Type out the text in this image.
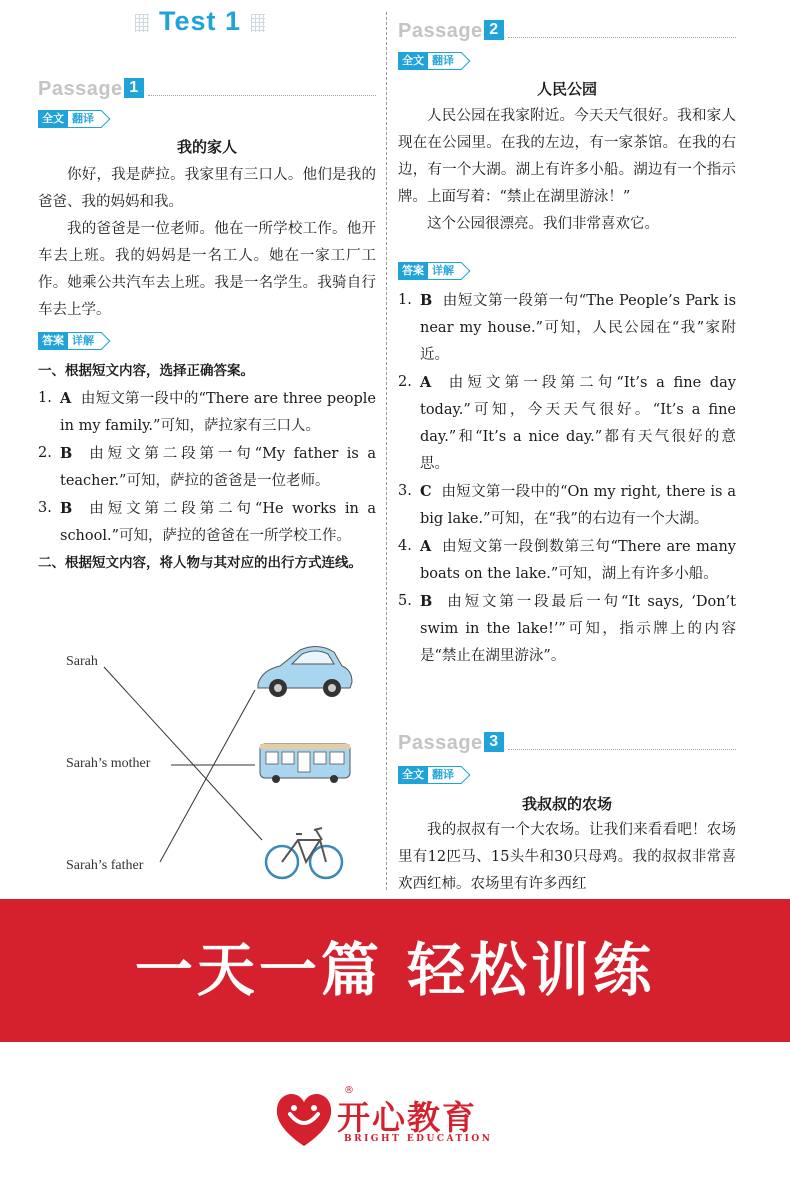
Test 1
Passage 1
全文 翻译
我的家人

你好，我是萨拉。我家里有三口人。他们是我的爸爸、我的妈妈和我。

我的爸爸是一位老师。他在一所学校工作。他开车去上班。我的妈妈是一名工人。她在一家工厂工作。她乘公共汽车去上班。我是一名学生。我骑自行车去上学。

答案 详解
一、根据短文内容，选择正确答案。
1. A 由短文第一段中的“There are three people in my family.”可知，萨拉家有三口人。
2. B 由短文第二段第一句“My father is a teacher.”可知，萨拉的爸爸是一位老师。
3. B 由短文第二段第二句“He works in a school.”可知，萨拉的爸爸在一所学校工作。
二、根据短文内容，将人物与其对应的出行方式连线。
Sarah
Sarah’s mother
Sarah’s father
Passage 2
全文 翻译
人民公园

人民公园在我家附近。今天天气很好。我和家人现在在公园里。在我的左边，有一家茶馆。在我的右边，有一个大湖。湖上有许多小船。湖边有一个指示牌。上面写着：“禁止在湖里游泳！”

这个公园很漂亮。我们非常喜欢它。

答案 详解
1. B 由短文第一段第一句“The People’s Park is near my house.”可知，人民公园在“我”家附近。
2. A 由短文第一段第二句“It’s a fine day today.”可知，今天天气很好。“It’s a fine day.”和“It’s a nice day.”都有天气很好的意思。
3. C 由短文第一段中的“On my right, there is a big lake.”可知，在“我”的右边有一个大湖。
4. A 由短文第一段倒数第三句“There are many boats on the lake.”可知，湖上有许多小船。
5. B 由短文第一段最后一句“It says, ‘Don’t swim in the lake!’”可知，指示牌上的内容是“禁止在湖里游泳”。
Passage 3
全文 翻译
我叔叔的农场

我的叔叔有一个大农场。让我们来看看吧！农场里有12匹马、15头牛和30只母鸡。我的叔叔非常喜欢西红柿。农场里有许多西红

一天一篇 轻松训练
®
开心教育
BRIGHT EDUCATION
